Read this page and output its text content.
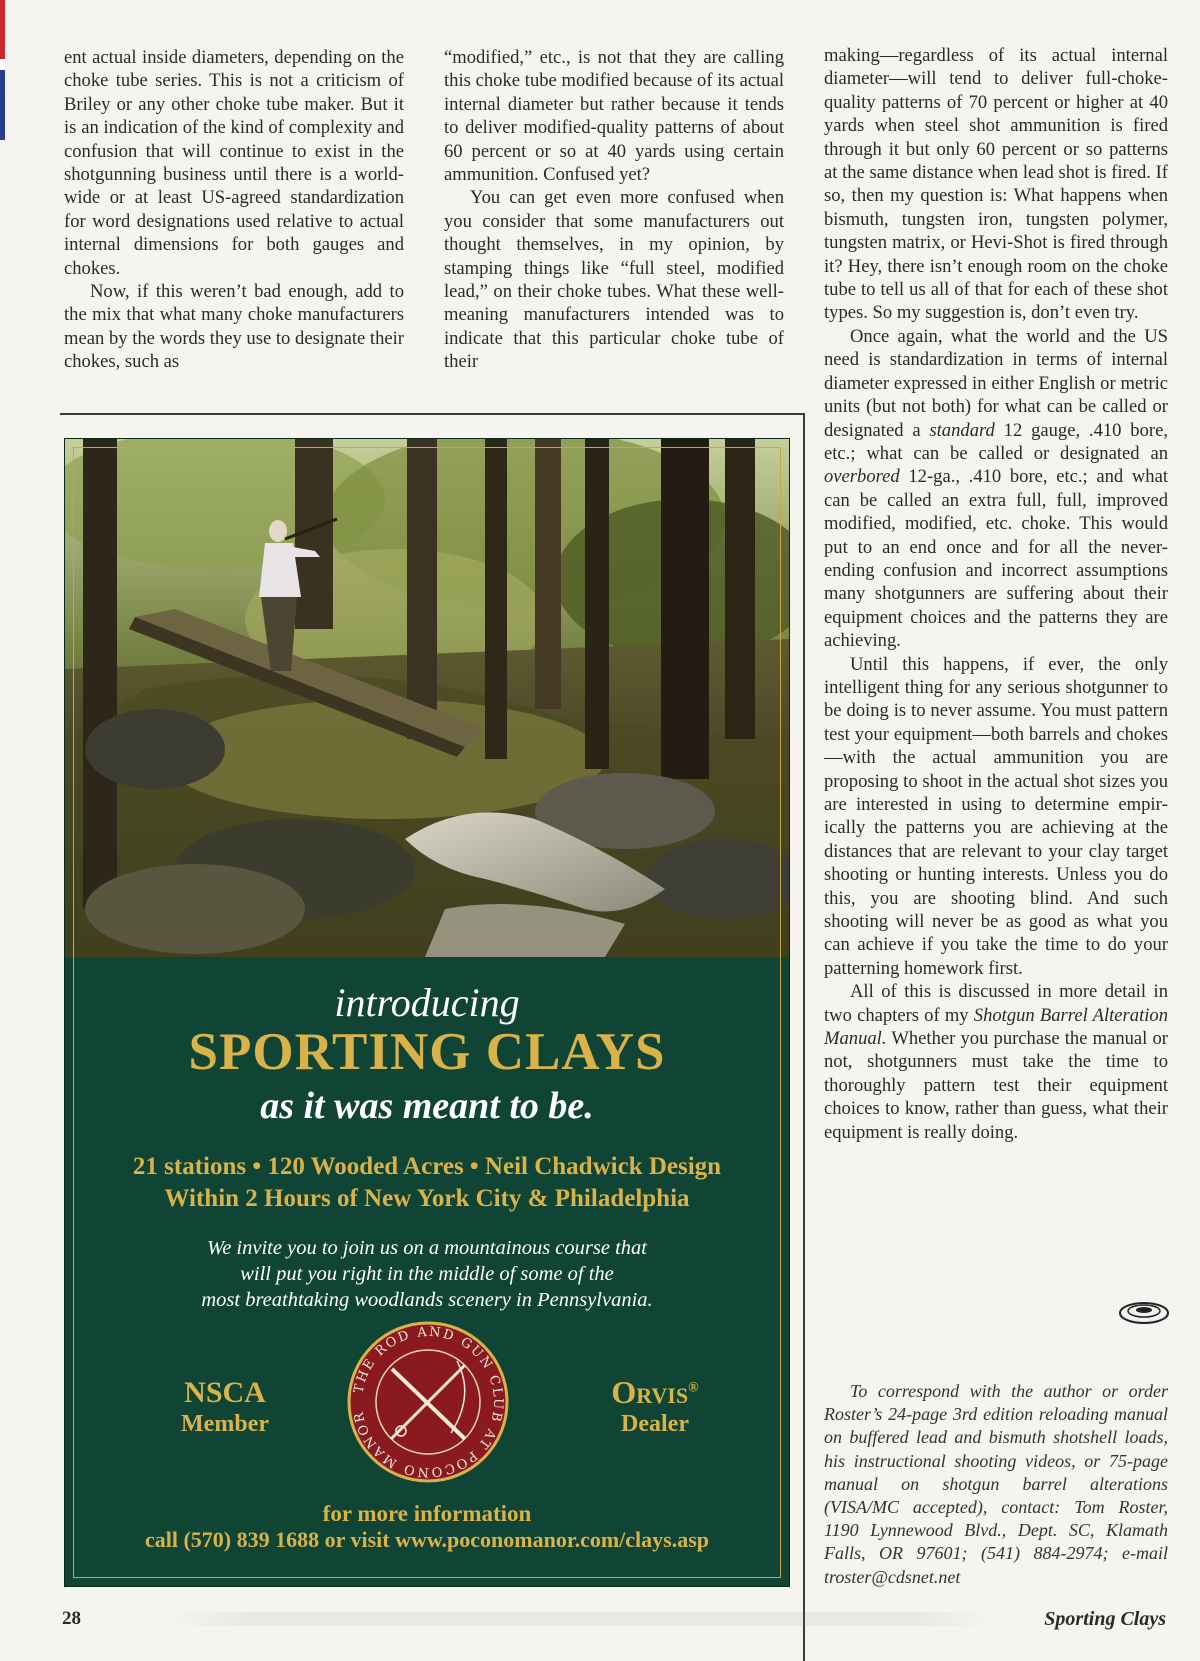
ent actual inside diameters, depending on the choke tube series. This is not a criticism of Briley or any other choke tube maker. But it is an indication of the kind of complexity and confusion that will continue to exist in the shotgunning business until there is a worldwide or at least US-agreed standardization for word designations used relative to actual internal dimensions for both gauges and chokes.

Now, if this weren’t bad enough, add to the mix that what many choke manufacturers mean by the words they use to designate their chokes, such as

“modified,” etc., is not that they are calling this choke tube modified because of its actual internal diameter but rather because it tends to deliver modified-quality patterns of about 60 percent or so at 40 yards using certain ammunition. Confused yet?

You can get even more confused when you consider that some manufacturers out thought themselves, in my opinion, by stamping things like “full steel, modified lead,” on their choke tubes. What these well-meaning manufacturers intended was to indicate that this particular choke tube of their

making—regardless of its actual internal diameter—will tend to deliver full-choke-quality patterns of 70 percent or higher at 40 yards when steel shot ammunition is fired through it but only 60 percent or so patterns at the same distance when lead shot is fired. If so, then my question is: What happens when bismuth, tungsten iron, tungsten polymer, tungsten matrix, or Hevi-Shot is fired through it? Hey, there isn’t enough room on the choke tube to tell us all of that for each of these shot types. So my suggestion is, don’t even try.

Once again, what the world and the US need is standardization in terms of internal diameter expressed in either English or metric units (but not both) for what can be called or designated a standard 12 gauge, .410 bore, etc.; what can be called or designated an overbored 12-ga., .410 bore, etc.; and what can be called an extra full, full, improved modified, modified, etc. choke. This would put to an end once and for all the never-ending confusion and incorrect assumptions many shotgunners are suffering about their equipment choices and the patterns they are achieving.

Until this happens, if ever, the only intelligent thing for any serious shotgunner to be doing is to never assume. You must pattern test your equipment—both barrels and chokes—with the actual ammunition you are proposing to shoot in the actual shot sizes you are interested in using to determine empirically the patterns you are achieving at the distances that are relevant to your clay target shooting or hunting interests. Unless you do this, you are shooting blind. And such shooting will never be as good as what you can achieve if you take the time to do your patterning homework first.

All of this is discussed in more detail in two chapters of my Shotgun Barrel Alteration Manual. Whether you purchase the manual or not, shotgunners must take the time to thoroughly pattern test their equipment choices to know, rather than guess, what their equipment is really doing.

introducing
SPORTING CLAYS
as it was meant to be.
21 stations • 120 Wooded Acres • Neil Chadwick Design
Within 2 Hours of New York City & Philadelphia
We invite you to join us on a mountainous course that
will put you right in the middle of some of the
most breathtaking woodlands scenery in Pennsylvania.
NSCA
Member
Orvis®
Dealer
THE ROD AND GUN CLUB AT POCONO MANOR
for more information
call (570) 839 1688 or visit www.poconomanor.com/clays.asp

To correspond with the author or order Roster’s 24-page 3rd edition reloading manual on buffered lead and bismuth shotshell loads, his instructional shooting videos, or 75-page manual on shotgun barrel alterations (VISA/MC accepted), contact: Tom Roster, 1190 Lynnewood Blvd., Dept. SC, Klamath Falls, OR 97601; (541) 884-2974; e-mail troster@cdsnet.net

28	Sporting Clays
